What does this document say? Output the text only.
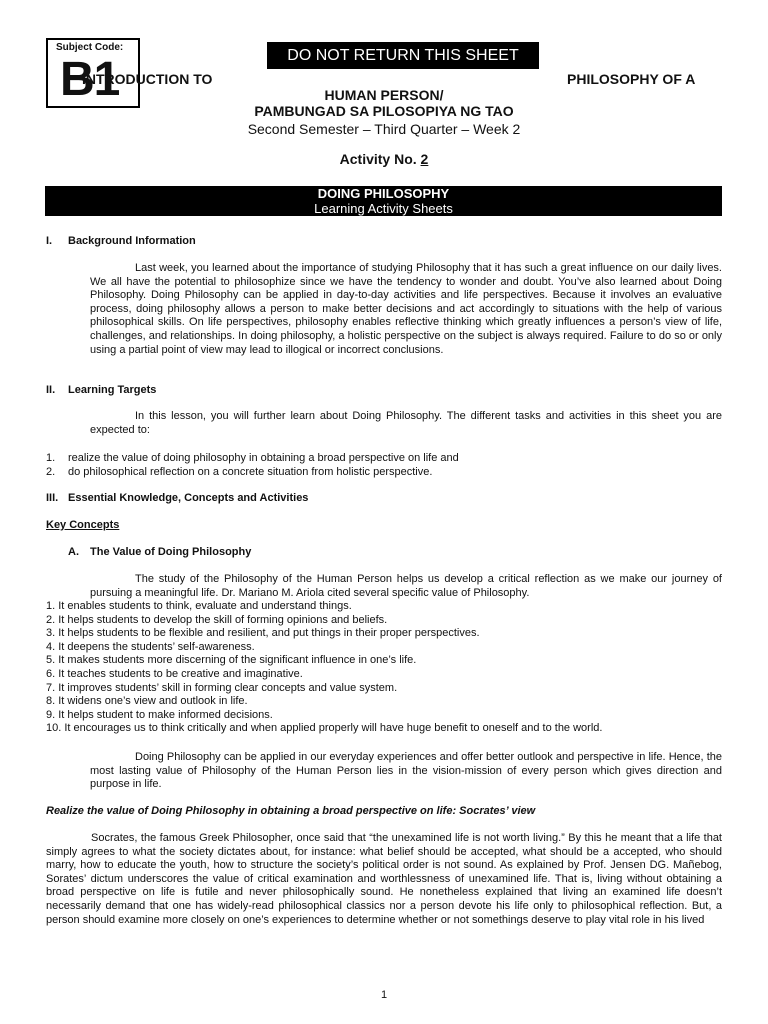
Subject Code:
B1	DO NOT RETURN THIS SHEET
INTRODUCTION TO	PHILOSOPHY OF A
HUMAN PERSON/
PAMBUNGAD SA PILOSOPIYA NG TAO
Second Semester – Third Quarter – Week 2
Activity No. 2
DOING PHILOSOPHY
Learning Activity Sheets
I. Background Information
Last week, you learned about the importance of studying Philosophy that it has such a great influence on our daily lives. We all have the potential to philosophize since we have the tendency to wonder and doubt. You’ve also learned about Doing Philosophy. Doing Philosophy can be applied in day-to-day activities and life perspectives. Because it involves an evaluative process, doing philosophy allows a person to make better decisions and act accordingly to situations with the help of various philosophical skills. On life perspectives, philosophy enables reflective thinking which greatly influences a person’s view of life, challenges, and relationships. In doing philosophy, a holistic perspective on the subject is always required. Failure to do so or only using a partial point of view may lead to illogical or incorrect conclusions.
II. Learning Targets
In this lesson, you will further learn about Doing Philosophy. The different tasks and activities in this sheet you are expected to:
1. realize the value of doing philosophy in obtaining a broad perspective on life and
2. do philosophical reflection on a concrete situation from holistic perspective.
III. Essential Knowledge, Concepts and Activities
Key Concepts
A. The Value of Doing Philosophy
The study of the Philosophy of the Human Person helps us develop a critical reflection as we make our journey of pursuing a meaningful life. Dr. Mariano M. Ariola cited several specific value of Philosophy.
1. It enables students to think, evaluate and understand things.
2. It helps students to develop the skill of forming opinions and beliefs.
3. It helps students to be flexible and resilient, and put things in their proper perspectives.
4. It deepens the students’ self-awareness.
5. It makes students more discerning of the significant influence in one’s life.
6. It teaches students to be creative and imaginative.
7. It improves students’ skill in forming clear concepts and value system.
8. It widens one’s view and outlook in life.
9. It helps student to make informed decisions.
10. It encourages us to think critically and when applied properly will have huge benefit to oneself and to the world.
Doing Philosophy can be applied in our everyday experiences and offer better outlook and perspective in life. Hence, the most lasting value of Philosophy of the Human Person lies in the vision-mission of every person which gives direction and purpose in life.
Realize the value of Doing Philosophy in obtaining a broad perspective on life: Socrates’ view
Socrates, the famous Greek Philosopher, once said that “the unexamined life is not worth living.” By this he meant that a life that simply agrees to what the society dictates about, for instance: what belief should be accepted, what should be a accepted, who should marry, how to educate the youth, how to structure the society’s political order is not sound. As explained by Prof. Jensen DG. Mañebog, Sorates’ dictum underscores the value of critical examination and worthlessness of unexamined life. That is, living without obtaining a broad perspective on life is futile and never philosophically sound. He nonetheless explained that living an examined life doesn’t necessarily demand that one has widely-read philosophical classics nor a person devote his life only to philosophical reflection. But, a person should examine more closely on one’s experiences to determine whether or not somethings deserve to play vital role in his lived
1
